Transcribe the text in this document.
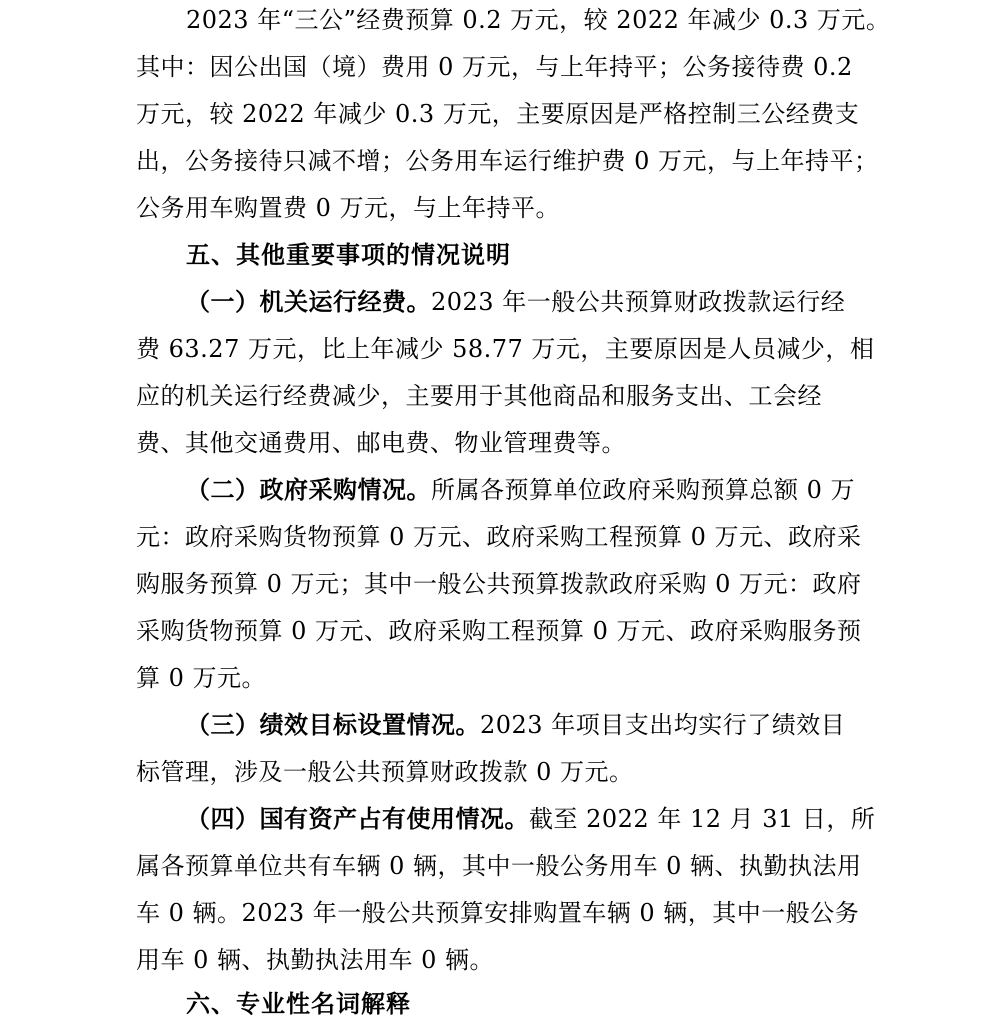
2023 年“三公”经费预算 0.2 万元，较 2022 年减少 0.3 万元。
其中：因公出国（境）费用 0 万元，与上年持平；公务接待费 0.2
万元，较 2022 年减少 0.3 万元，主要原因是严格控制三公经费支
出，公务接待只减不增；公务用车运行维护费 0 万元，与上年持平；
公务用车购置费 0 万元，与上年持平。
五、其他重要事项的情况说明
（一）机关运行经费。2023 年一般公共预算财政拨款运行经
费 63.27 万元，比上年减少 58.77 万元，主要原因是人员减少，相
应的机关运行经费减少，主要用于其他商品和服务支出、工会经
费、其他交通费用、邮电费、物业管理费等。
（二）政府采购情况。所属各预算单位政府采购预算总额 0 万
元：政府采购货物预算 0 万元、政府采购工程预算 0 万元、政府采
购服务预算 0 万元；其中一般公共预算拨款政府采购 0 万元：政府
采购货物预算 0 万元、政府采购工程预算 0 万元、政府采购服务预
算 0 万元。
（三）绩效目标设置情况。2023 年项目支出均实行了绩效目
标管理，涉及一般公共预算财政拨款 0 万元。
（四）国有资产占有使用情况。截至 2022 年 12 月 31 日，所
属各预算单位共有车辆 0 辆，其中一般公务用车 0 辆、执勤执法用
车 0 辆。2023 年一般公共预算安排购置车辆 0 辆，其中一般公务
用车 0 辆、执勤执法用车 0 辆。
六、专业性名词解释
